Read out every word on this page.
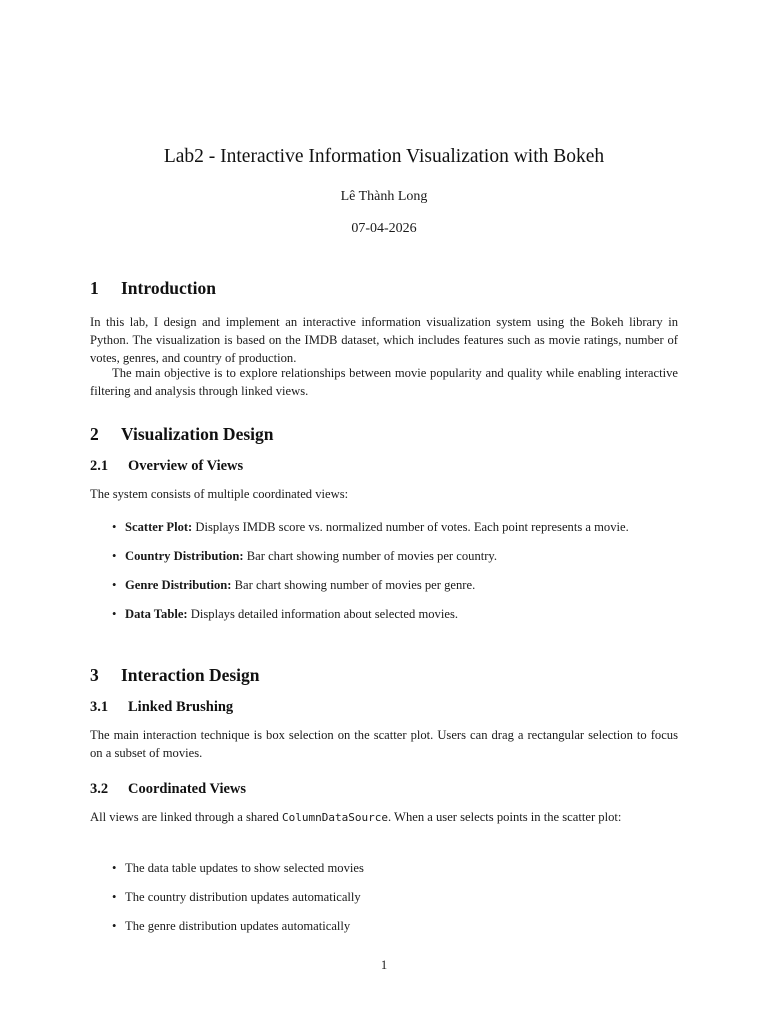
Lab2 - Interactive Information Visualization with Bokeh
Lê Thành Long
07-04-2026
1 Introduction
In this lab, I design and implement an interactive information visualization system using the Bokeh library in Python. The visualization is based on the IMDB dataset, which includes features such as movie ratings, number of votes, genres, and country of production.
The main objective is to explore relationships between movie popularity and quality while enabling interactive filtering and analysis through linked views.
2 Visualization Design
2.1 Overview of Views
The system consists of multiple coordinated views:
• Scatter Plot: Displays IMDB score vs. normalized number of votes. Each point represents a movie.
• Country Distribution: Bar chart showing number of movies per country.
• Genre Distribution: Bar chart showing number of movies per genre.
• Data Table: Displays detailed information about selected movies.
3 Interaction Design
3.1 Linked Brushing
The main interaction technique is box selection on the scatter plot. Users can drag a rectangular selection to focus on a subset of movies.
3.2 Coordinated Views
All views are linked through a shared ColumnDataSource. When a user selects points in the scatter plot:
• The data table updates to show selected movies
• The country distribution updates automatically
• The genre distribution updates automatically
1
